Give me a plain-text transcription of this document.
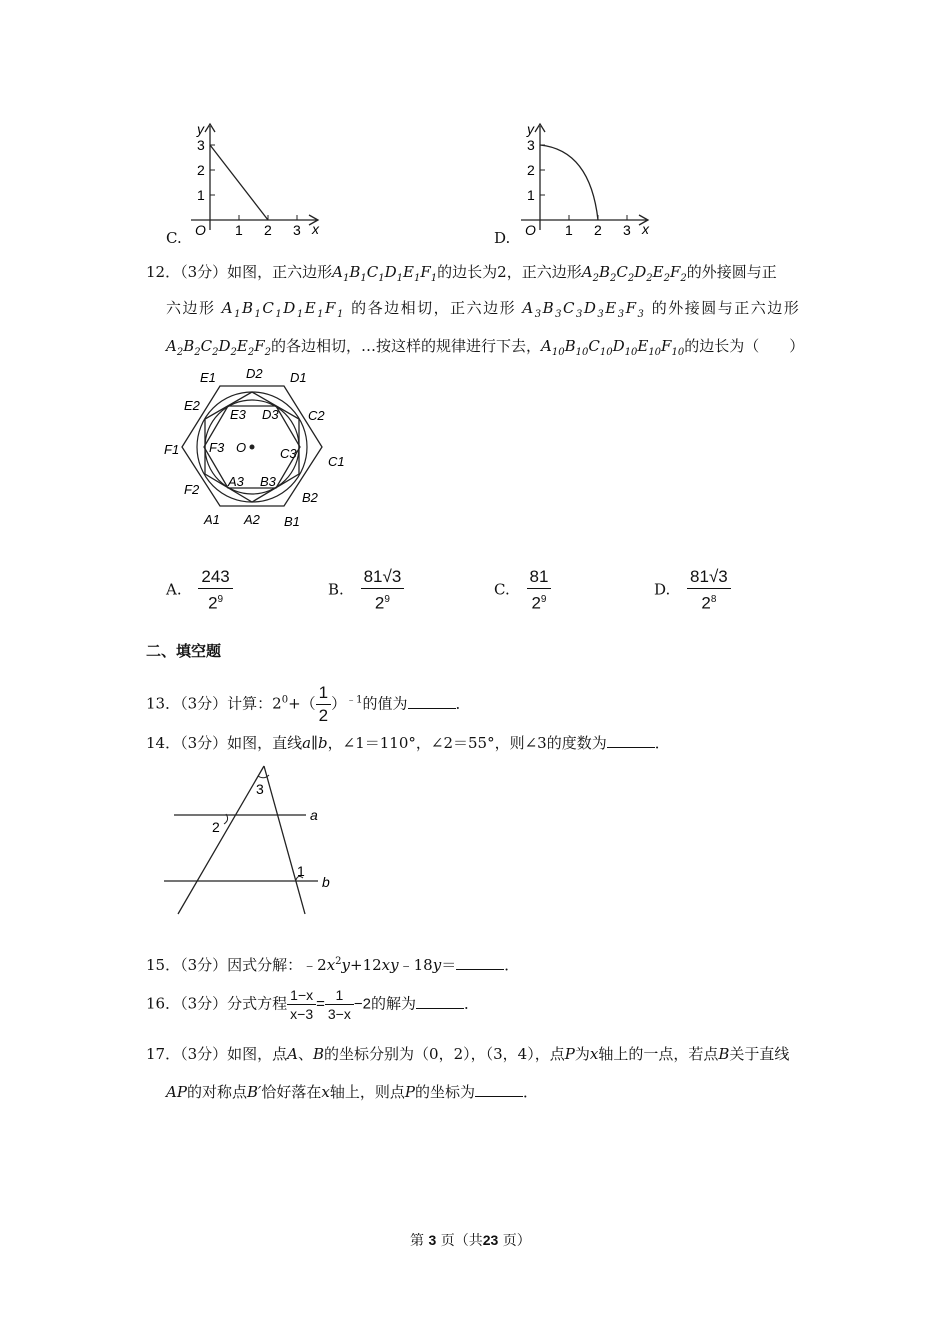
C.
y
3
2
1
O 1 2 3 x	D.
y
3
2
1
O 1 2 3 x
12．（3分）如图，正六边形$A_1B_1C_1D_1E_1F_1$的边长为2，正六边形$A_2B_2C_2D_2E_2F_2$的外接圆与正
六边形 $A_1B_1C_1D_1E_1F_1$ 的各边相切，正六边形 $A_3B_3C_3D_3E_3F_3$ 的外接圆与正六边形
$A_2B_2C_2D_2E_2F_2$的各边相切，…按这样的规律进行下去，$A_{10}B_{10}C_{10}D_{10}E_{10}F_{10}$的边长为（　　）
E1 D2 D1
E2
E3 D3 C2
F1 F3 O	C3
C1
F2
A3 B3
B2
A1 A2 B1
A. $\frac{243}{2^9}$	B. $\frac{81√3}{2^9}$	C. $\frac{81}{2^9}$	D. $\frac{81√3}{2^8}$
二、填空题
13．（3分）计算：$2^0+( \frac{1}{2} )^{﹣1}$的值为	．
14．（3分）如图，直线a∥b，∠1＝110°，∠2＝55°，则∠3的度数为	．
3
2
a
1
b
15．（3分）因式分解：$﹣2x^2y+12xy﹣18y=$	．
16．（3分）分式方程 $\frac{1-x}{x-3} = \frac{1}{3-x} -2$的解为	．
17．（3分）如图，点A、B的坐标分别为（0，2），（3，4），点P为x轴上的一点，若点B关于直线
AP的对称点B′恰好落在x轴上，则点P的坐标为	．
第 3 页（共23 页）
